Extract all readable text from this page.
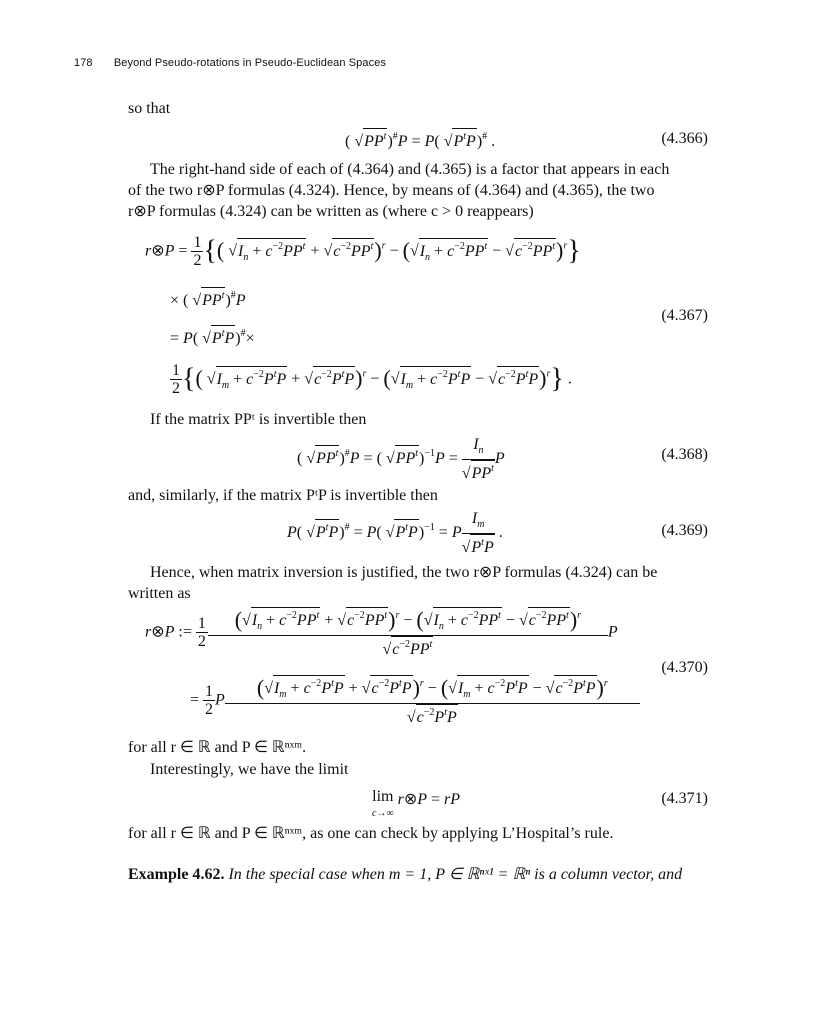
178 Beyond Pseudo-rotations in Pseudo-Euclidean Spaces
so that
( $√PP^t)^{\#}P = P$( $√P^tP)^{\#}$ .	(4.366)
The right-hand side of each of (4.364) and (4.365) is a factor that appears in each
of the two r⊗P formulas (4.324). Hence, by means of (4.364) and (4.365), the two
r⊗P formulas (4.324) can be written as (where c > 0 reappears)
r⊗P = $\frac{1}{2}$ {( $√I_n + c^{-2}PP^t + √c^{-2}PP^t)^r - (√I_n + c^{-2}PP^t - √c^{-2}PP^t)^r$}
× ( $√PP^t)^{\#}P$
(4.367)
= P( $√P^tP)^{\#}\times$
$\frac{1}{2}$ {( $√I_m + c^{-2}P^tP + √c^{-2}P^tP)^r - (√I_m + c^{-2}P^tP - √c^{-2}P^tP)^r$} .
If the matrix PPᵗ is invertible then
( $√PP^t)^{\#}P$ = ( $√PP^t)^{-1}P = \frac{I_n}{√PP^t}$ P	(4.368)
and, similarly, if the matrix PᵗP is invertible then
P( $√P^tP)^{\#} = P$( $√P^tP)^{-1} = P \frac{I_m}{√P^tP}$ .	(4.369)
Hence, when matrix inversion is justified, the two r⊗P formulas (4.324) can be
written as
r⊗P := $\frac{1}{2} \frac{(√I_n + c^{-2}PP^t + √c^{-2}PP^t)^r - (√I_n + c^{-2}PP^t - √c^{-2}PP^t)^r}{√c^{-2}PP^t}$ P
(4.370)
= $\frac{1}{2}$ P $\frac{(√I_m + c^{-2}P^tP + √c^{-2}P^tP)^r - (√I_m + c^{-2}P^tP - √c^{-2}P^tP)^r}{√c^{-2}P^tP}$
for all r ∈ ℝ and P ∈ ℝⁿˣᵐ.
Interestingly, we have the limit
lim
c→∞ r⊗P = rP	(4.371)
for all r ∈ ℝ and P ∈ ℝⁿˣᵐ, as one can check by applying L’Hospital’s rule.
Example 4.62. In the special case when m = 1, P ∈ ℝⁿˣ¹ = ℝⁿ is a column vector, and
